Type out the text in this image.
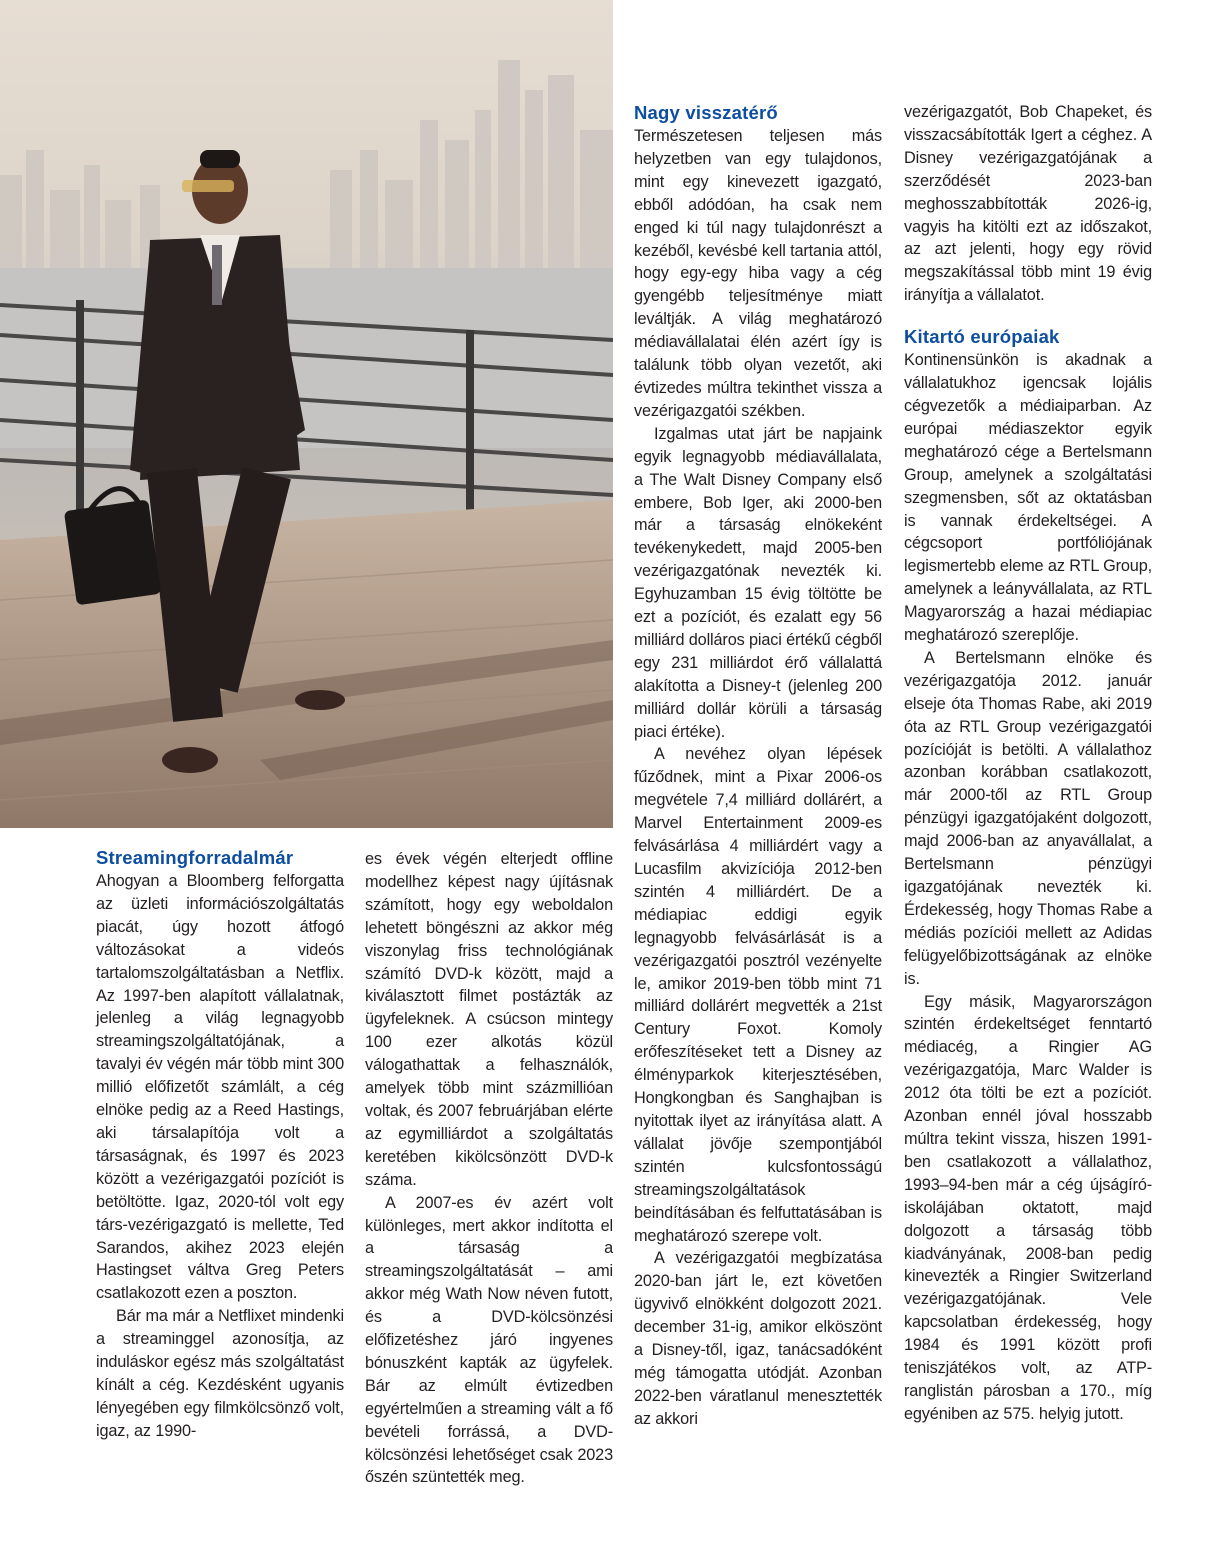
Streamingforradalmár

Ahogyan a Bloomberg felforgatta az üzleti információszolgáltatás piacát, úgy hozott átfogó változásokat a videós tartalomszolgáltatásban a Netflix. Az 1997-ben alapított vállalatnak, jelenleg a világ legnagyobb streamingszolgáltatójának, a tavalyi év végén már több mint 300 millió előfizetőt számlált, a cég elnöke pedig az a Reed Hastings, aki társalapítója volt a társaságnak, és 1997 és 2023 között a vezérigazgatói pozíciót is betöltötte. Igaz, 2020-tól volt egy társ-vezérigazgató is mellette, Ted Sarandos, akihez 2023 elején Hastingset váltva Greg Peters csatlakozott ezen a poszton.

Bár ma már a Netflixet mindenki a streaminggel azonosítja, az induláskor egész más szolgáltatást kínált a cég. Kezdésként ugyanis lényegében egy filmkölcsönző volt, igaz, az 1990-

es évek végén elterjedt offline modellhez képest nagy újításnak számított, hogy egy weboldalon lehetett böngészni az akkor még viszonylag friss technológiának számító DVD-k között, majd a kiválasztott filmet postázták az ügyfeleknek. A csúcson mintegy 100 ezer alkotás közül válogathattak a felhasználók, amelyek több mint százmillióan voltak, és 2007 februárjában elérte az egymilliárdot a szolgáltatás keretében kikölcsönzött DVD-k száma.

A 2007-es év azért volt különleges, mert akkor indította el a társaság a streamingszolgáltatását – ami akkor még Wath Now néven futott, és a DVD-kölcsönzési előfizetéshez járó ingyenes bónuszként kapták az ügyfelek. Bár az elmúlt évtizedben egyértelműen a streaming vált a fő bevételi forrássá, a DVD-kölcsönzési lehetőséget csak 2023 őszén szüntették meg.

Nagy visszatérő

Természetesen teljesen más helyzetben van egy tulajdonos, mint egy kinevezett igazgató, ebből adódóan, ha csak nem enged ki túl nagy tulajdonrészt a kezéből, kevésbé kell tartania attól, hogy egy-egy hiba vagy a cég gyengébb teljesítménye miatt leváltják. A világ meghatározó médiavállalatai élén azért így is találunk több olyan vezetőt, aki évtizedes múltra tekinthet vissza a vezérigazgatói székben.

Izgalmas utat járt be napjaink egyik legnagyobb médiavállalata, a The Walt Disney Company első embere, Bob Iger, aki 2000-ben már a társaság elnökeként tevékenykedett, majd 2005-ben vezérigazgatónak nevezték ki. Egyhuzamban 15 évig töltötte be ezt a pozíciót, és ezalatt egy 56 milliárd dolláros piaci értékű cégből egy 231 milliárdot érő vállalattá alakította a Disney-t (jelenleg 200 milliárd dollár körüli a társaság piaci értéke).

A nevéhez olyan lépések fűződnek, mint a Pixar 2006-os megvétele 7,4 milliárd dollárért, a Marvel Entertainment 2009-es felvásárlása 4 milliárdért vagy a Lucasfilm akvizíciója 2012-ben szintén 4 milliárdért. De a médiapiac eddigi egyik legnagyobb felvásárlását is a vezérigazgatói posztról vezényelte le, amikor 2019-ben több mint 71 milliárd dollárért megvették a 21st Century Foxot. Komoly erőfeszítéseket tett a Disney az élményparkok kiterjesztésében, Hongkongban és Sanghajban is nyitottak ilyet az irányítása alatt. A vállalat jövője szempontjából szintén kulcsfontosságú streamingszolgáltatások beindításában és felfuttatásában is meghatározó szerepe volt.

A vezérigazgatói megbízatása 2020-ban járt le, ezt követően ügyvivő elnökként dolgozott 2021. december 31-ig, amikor elköszönt a Disney-től, igaz, tanácsadóként még támogatta utódját. Azonban 2022-ben váratlanul menesztették az akkori

vezérigazgatót, Bob Chapeket, és visszacsábították Igert a céghez. A Disney vezérigazgatójának a szerződését 2023-ban meghosszabbították 2026-ig, vagyis ha kitölti ezt az időszakot, az azt jelenti, hogy egy rövid megszakítással több mint 19 évig irányítja a vállalatot.

Kitartó európaiak

Kontinensünkön is akadnak a vállalatukhoz igencsak lojális cégvezetők a médiaiparban. Az európai médiaszektor egyik meghatározó cége a Bertelsmann Group, amelynek a szolgáltatási szegmensben, sőt az oktatásban is vannak érdekeltségei. A cégcsoport portfóliójának legismertebb eleme az RTL Group, amelynek a leányvállalata, az RTL Magyarország a hazai médiapiac meghatározó szereplője.

A Bertelsmann elnöke és vezérigazgatója 2012. január elseje óta Thomas Rabe, aki 2019 óta az RTL Group vezérigazgatói pozícióját is betölti. A vállalathoz azonban korábban csatlakozott, már 2000-től az RTL Group pénzügyi igazgatójaként dolgozott, majd 2006-ban az anyavállalat, a Bertelsmann pénzügyi igazgatójának nevezték ki. Érdekesség, hogy Thomas Rabe a médiás pozíciói mellett az Adidas felügyelőbizottságának az elnöke is.

Egy másik, Magyarországon szintén érdekeltséget fenntartó médiacég, a Ringier AG vezérigazgatója, Marc Walder is 2012 óta tölti be ezt a pozíciót. Azonban ennél jóval hosszabb múltra tekint vissza, hiszen 1991-ben csatlakozott a vállalathoz, 1993–94-ben már a cég újságíró-iskolájában oktatott, majd dolgozott a társaság több kiadványának, 2008-ban pedig kinevezték a Ringier Switzerland vezérigazgatójának. Vele kapcsolatban érdekesség, hogy 1984 és 1991 között profi teniszjátékos volt, az ATP-ranglistán párosban a 170., míg egyéniben az 575. helyig jutott.
